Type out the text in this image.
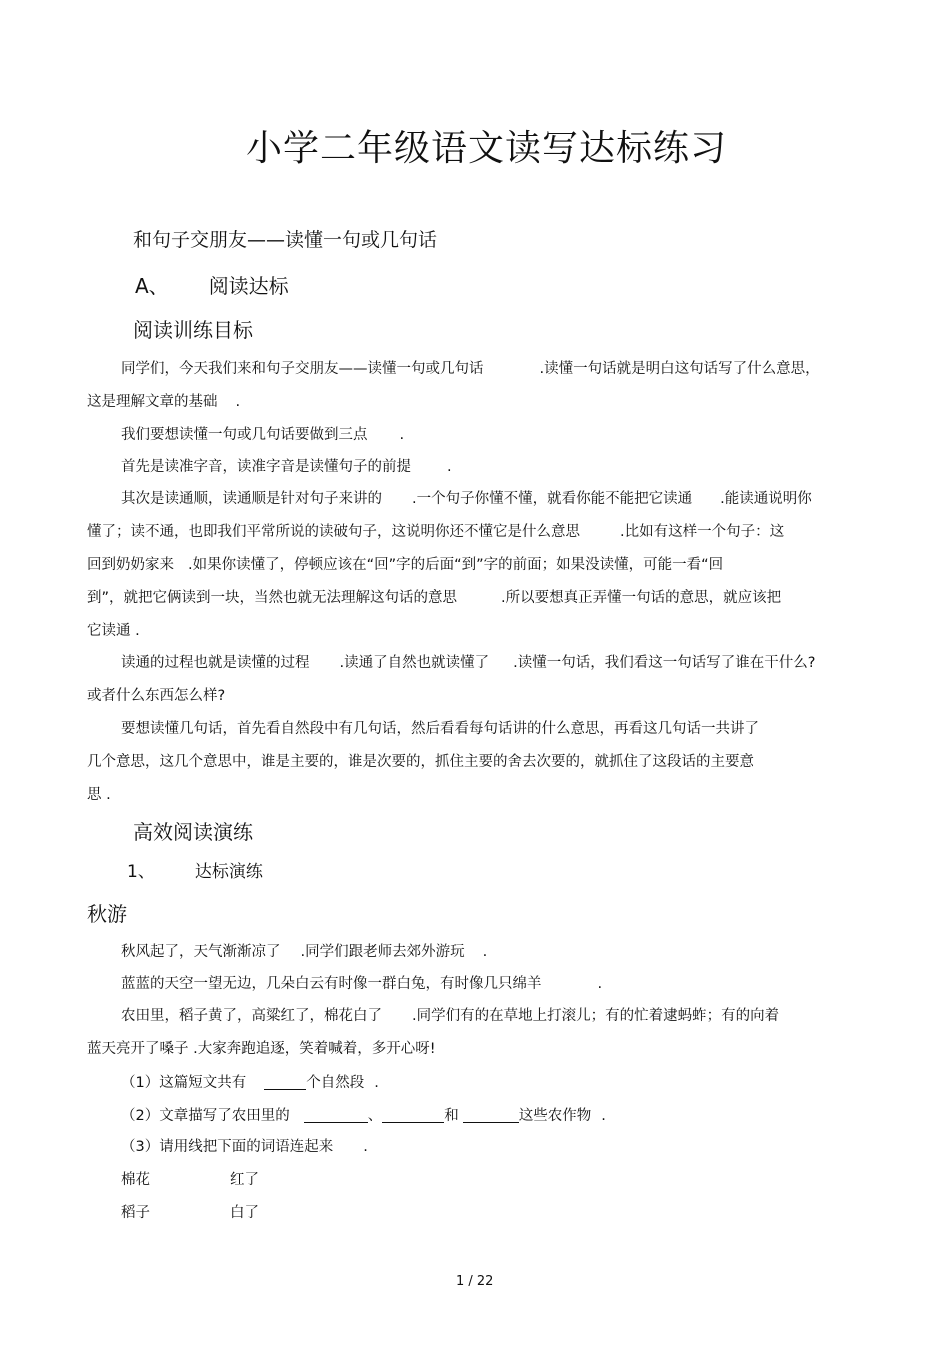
小学二年级语文读写达标练习
和句子交朋友——读懂一句或几句话
A、 阅读达标
阅读训练目标
同学们，今天我们来和句子交朋友——读懂一句或几句话	.读懂一句话就是明白这句话写了什么意思，
这是理解文章的基础 .
我们要想读懂一句或几句话要做到三点 .
首先是读准字音，读准字音是读懂句子的前提 .
其次是读通顺，读通顺是针对句子来讲的 .一个句子你懂不懂，就看你能不能把它读通 .能读通说明你
懂了；读不通，也即我们平常所说的读破句子，这说明你还不懂它是什么意思	.比如有这样一个句子：这
回到奶奶家来 .如果你读懂了，停顿应该在“回”字的后面“到”字的前面；如果没读懂，可能一看“回
到”，就把它俩读到一块，当然也就无法理解这句话的意思	.所以要想真正弄懂一句话的意思，就应该把
它读通 .
读通的过程也就是读懂的过程 .读通了自然也就读懂了 .读懂一句话，我们看这一句话写了谁在干什么?
或者什么东西怎么样?
要想读懂几句话，首先看自然段中有几句话，然后看看每句话讲的什么意思，再看这几句话一共讲了
几个意思，这几个意思中，谁是主要的，谁是次要的，抓住主要的舍去次要的，就抓住了这段话的主要意
思 .
高效阅读演练
1、 达标演练
秋游
秋风起了，天气渐渐凉了 .同学们跟老师去郊外游玩 .
蓝蓝的天空一望无边，几朵白云有时像一群白兔，有时像几只绵羊	.
农田里，稻子黄了，高粱红了，棉花白了 .同学们有的在草地上打滚儿；有的忙着逮蚂蚱；有的向着
蓝天亮开了嗓子 .大家奔跑追逐，笑着喊着，多开心呀!
（1）这篇短文共有	个自然段 .
（2）文章描写了农田里的	、	和	这些农作物 .
（3）请用线把下面的词语连起来 .
棉花	红了
稻子	白了
1 / 22
